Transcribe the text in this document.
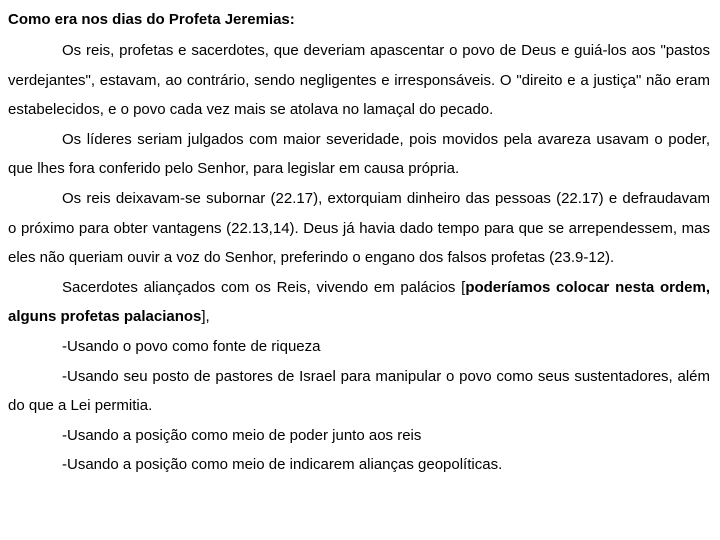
Como era nos dias do Profeta Jeremias:

Os reis, profetas e sacerdotes, que deveriam apascentar o povo de Deus e guiá-los aos "pastos verdejantes", estavam, ao contrário, sendo negligentes e irresponsáveis. O "direito e a justiça" não eram estabelecidos, e o povo cada vez mais se atolava no lamaçal do pecado.

Os líderes seriam julgados com maior severidade, pois movidos pela avareza usavam o poder, que lhes fora conferido pelo Senhor, para legislar em causa própria.

Os reis deixavam-se subornar (22.17), extorquiam dinheiro das pessoas (22.17) e defraudavam o próximo para obter vantagens (22.13,14). Deus já havia dado tempo para que se arrependessem, mas eles não queriam ouvir a voz do Senhor, preferindo o engano dos falsos profetas (23.9-12).

Sacerdotes aliançados com os Reis, vivendo em palácios [poderíamos colocar nesta ordem, alguns profetas palacianos],

-Usando o povo como fonte de riqueza

-Usando seu posto de pastores de Israel para manipular o povo como seus sustentadores, além do que a Lei permitia.

-Usando a posição como meio de poder junto aos reis

-Usando a posição como meio de indicarem alianças geopolíticas.
